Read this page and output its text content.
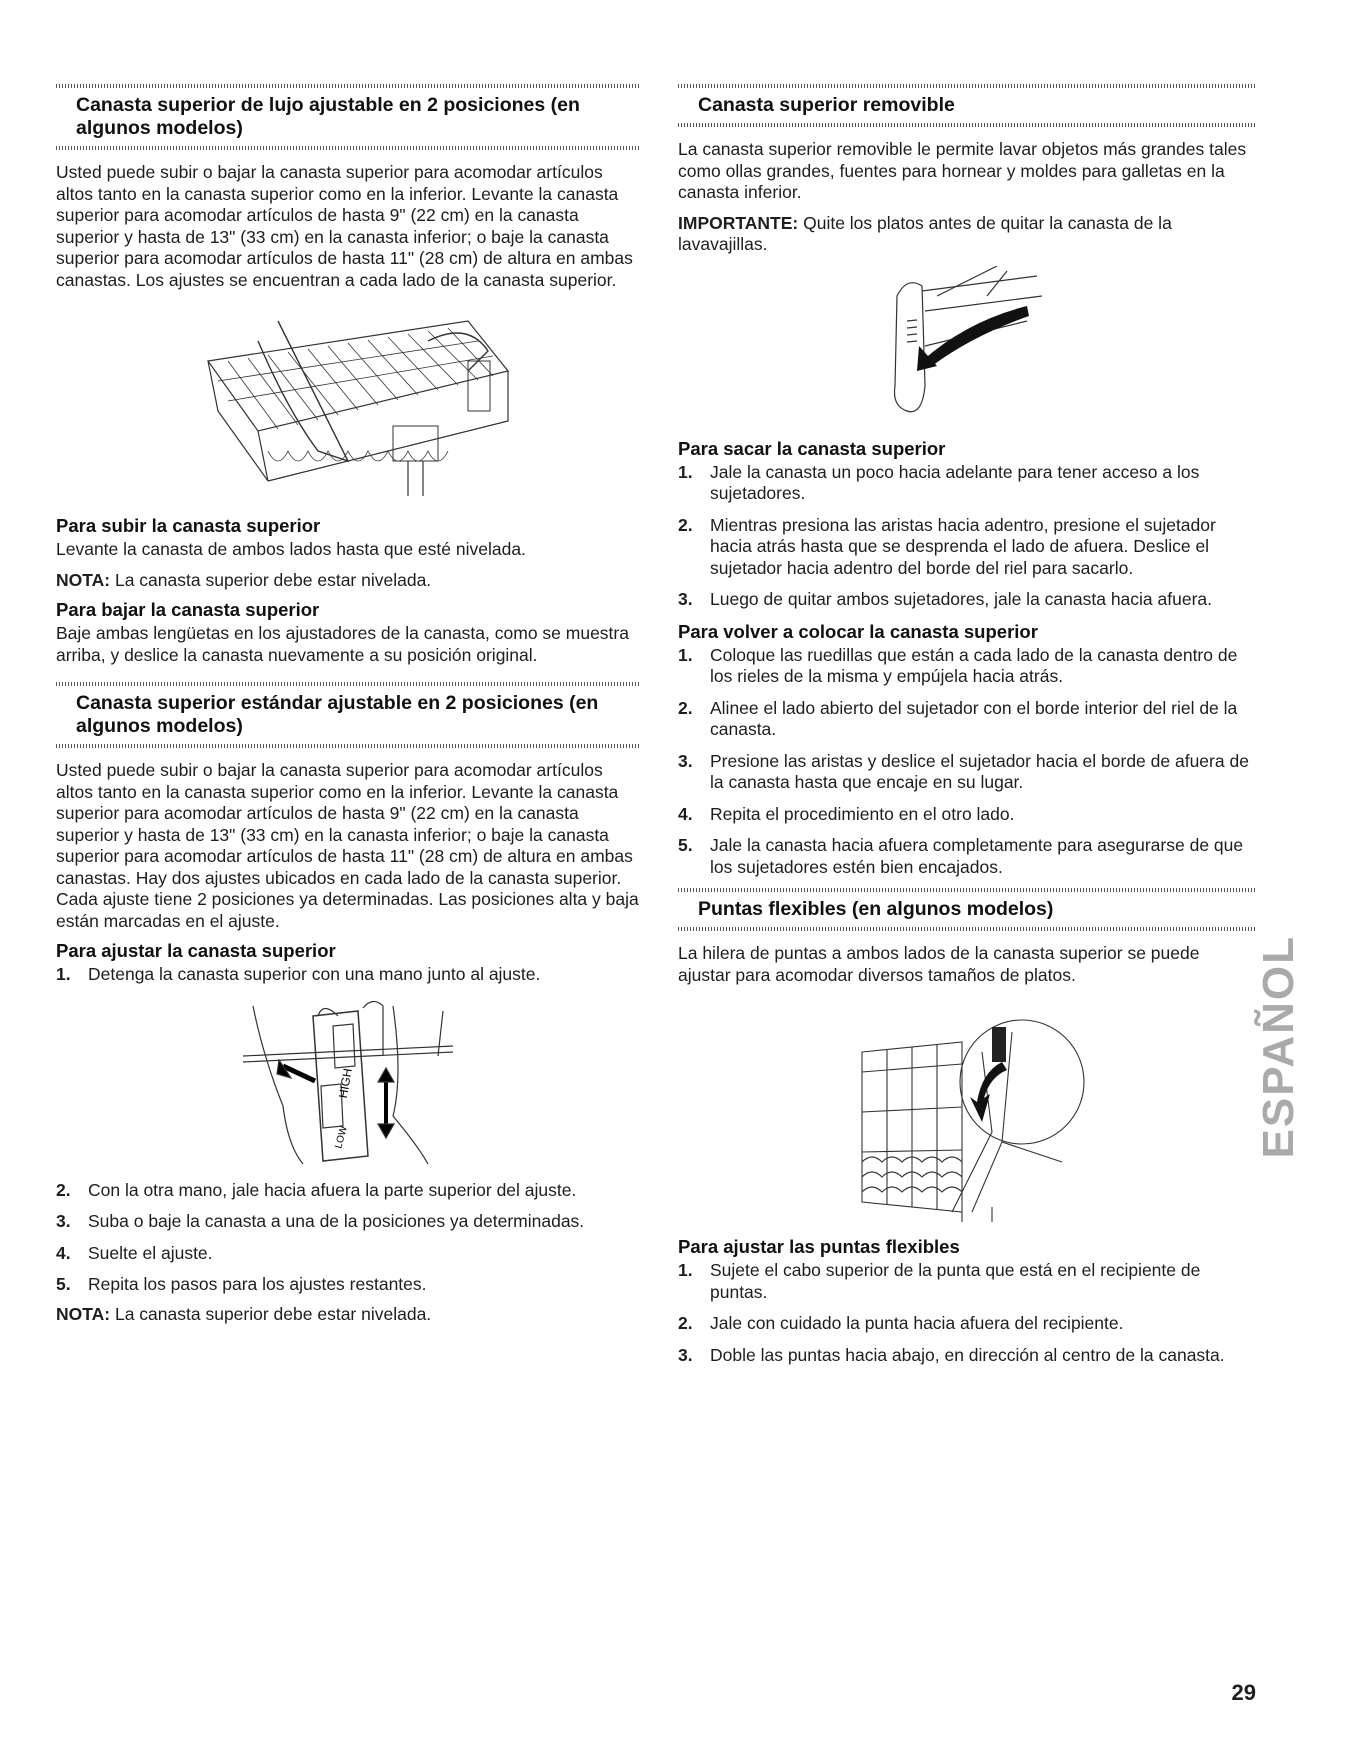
Canasta superior de lujo ajustable en 2 posiciones (en algunos modelos)

Usted puede subir o bajar la canasta superior para acomodar artículos altos tanto en la canasta superior como en la inferior. Levante la canasta superior para acomodar artículos de hasta 9" (22 cm) en la canasta superior y hasta de 13" (33 cm) en la canasta inferior; o baje la canasta superior para acomodar artículos de hasta 11" (28 cm) de altura en ambas canastas. Los ajustes se encuentran a cada lado de la canasta superior.

Para subir la canasta superior

Levante la canasta de ambos lados hasta que esté nivelada.

NOTA: La canasta superior debe estar nivelada.

Para bajar la canasta superior

Baje ambas lengüetas en los ajustadores de la canasta, como se muestra arriba, y deslice la canasta nuevamente a su posición original.

Canasta superior estándar ajustable en 2 posiciones (en algunos modelos)

Usted puede subir o bajar la canasta superior para acomodar artículos altos tanto en la canasta superior como en la inferior. Levante la canasta superior para acomodar artículos de hasta 9" (22 cm) en la canasta superior y hasta de 13" (33 cm) en la canasta inferior; o baje la canasta superior para acomodar artículos de hasta 11" (28 cm) de altura en ambas canastas. Hay dos ajustes ubicados en cada lado de la canasta superior. Cada ajuste tiene 2 posiciones ya determinadas. Las posiciones alta y baja están marcadas en el ajuste.

Para ajustar la canasta superior
1. Detenga la canasta superior con una mano junto al ajuste.
HIGH
LOW
2. Con la otra mano, jale hacia afuera la parte superior del ajuste.
3. Suba o baje la canasta a una de la posiciones ya determinadas.
4. Suelte el ajuste.
5. Repita los pasos para los ajustes restantes.

NOTA: La canasta superior debe estar nivelada.

Canasta superior removible

La canasta superior removible le permite lavar objetos más grandes tales como ollas grandes, fuentes para hornear y moldes para galletas en la canasta inferior.

IMPORTANTE: Quite los platos antes de quitar la canasta de la lavavajillas.

Para sacar la canasta superior
1. Jale la canasta un poco hacia adelante para tener acceso a los sujetadores.
2. Mientras presiona las aristas hacia adentro, presione el sujetador hacia atrás hasta que se desprenda el lado de afuera. Deslice el sujetador hacia adentro del borde del riel para sacarlo.
3. Luego de quitar ambos sujetadores, jale la canasta hacia afuera.
Para volver a colocar la canasta superior
1. Coloque las ruedillas que están a cada lado de la canasta dentro de los rieles de la misma y empújela hacia atrás.
2. Alinee el lado abierto del sujetador con el borde interior del riel de la canasta.
3. Presione las aristas y deslice el sujetador hacia el borde de afuera de la canasta hasta que encaje en su lugar.
4. Repita el procedimiento en el otro lado.
5. Jale la canasta hacia afuera completamente para asegurarse de que los sujetadores estén bien encajados.
Puntas flexibles (en algunos modelos)

La hilera de puntas a ambos lados de la canasta superior se puede ajustar para acomodar diversos tamaños de platos.

Para ajustar las puntas flexibles
1. Sujete el cabo superior de la punta que está en el recipiente de puntas.
2. Jale con cuidado la punta hacia afuera del recipiente.
3. Doble las puntas hacia abajo, en dirección al centro de la canasta.
ESPAÑOL
29
